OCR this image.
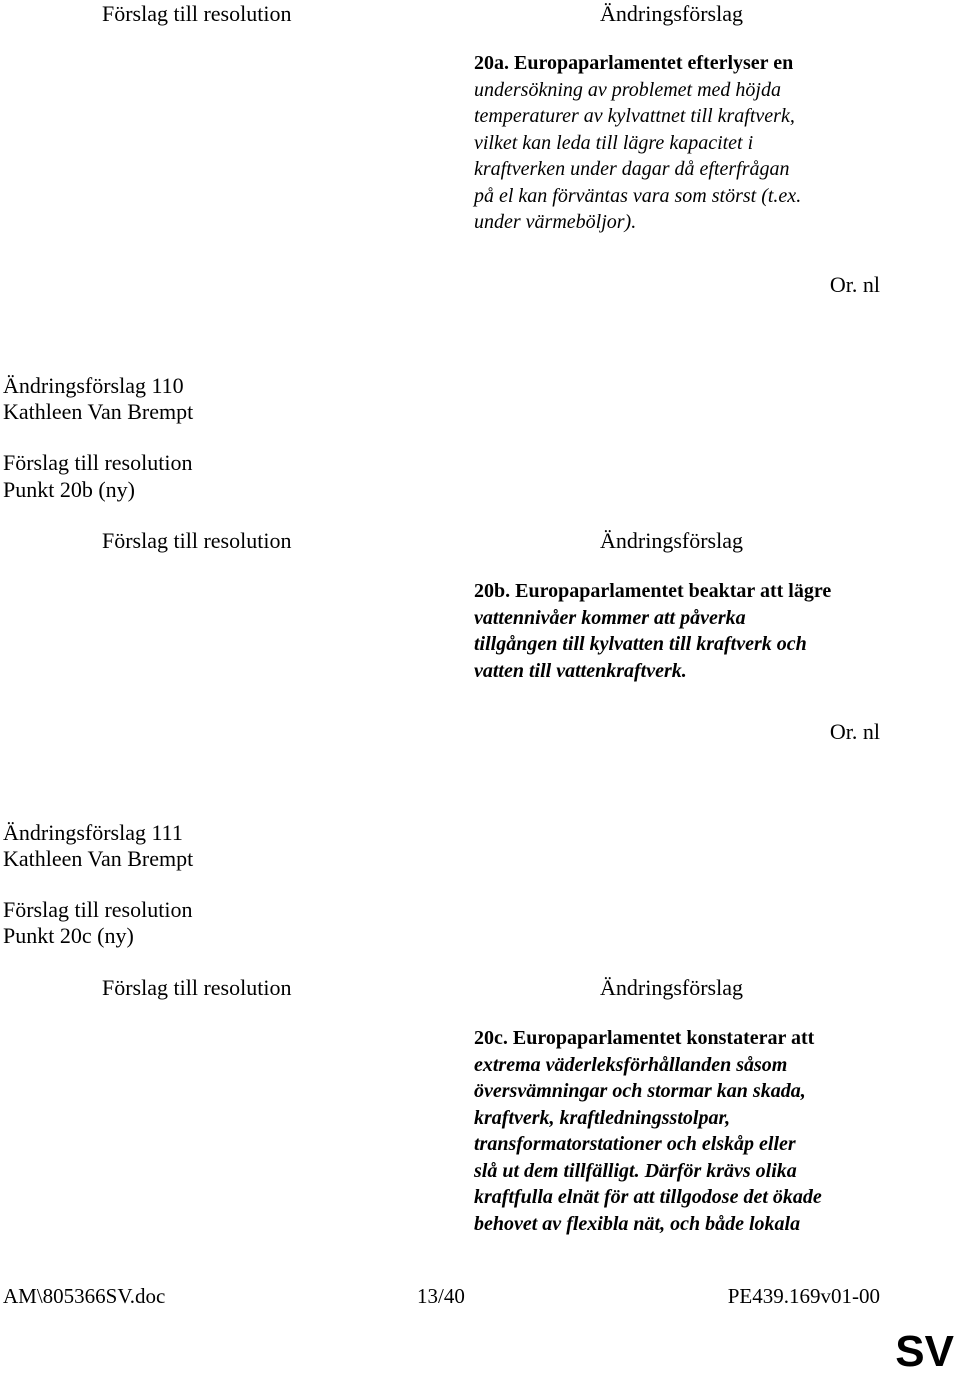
Förslag till resolution	Ändringsförslag
20a. Europaparlamentet efterlyser en
undersökning av problemet med höjda
temperaturer av kylvattnet till kraftverk,
vilket kan leda till lägre kapacitet i
kraftverken under dagar då efterfrågan
på el kan förväntas vara som störst (t.ex.
under värmeböljor).
Or. nl
Ändringsförslag 110
Kathleen Van Brempt
Förslag till resolution
Punkt 20b (ny)
Förslag till resolution	Ändringsförslag
20b. Europaparlamentet beaktar att lägre
vattennivåer kommer att påverka
tillgången till kylvatten till kraftverk och
vatten till vattenkraftverk.
Or. nl
Ändringsförslag 111
Kathleen Van Brempt
Förslag till resolution
Punkt 20c (ny)
Förslag till resolution	Ändringsförslag
20c. Europaparlamentet konstaterar att
extrema väderleksförhållanden såsom
översvämningar och stormar kan skada,
kraftverk, kraftledningsstolpar,
transformatorstationer och elskåp eller
slå ut dem tillfälligt. Därför krävs olika
kraftfulla elnät för att tillgodose det ökade
behovet av flexibla nät, och både lokala
AM\805366SV.doc	13/40	PE439.169v01-00
SV
